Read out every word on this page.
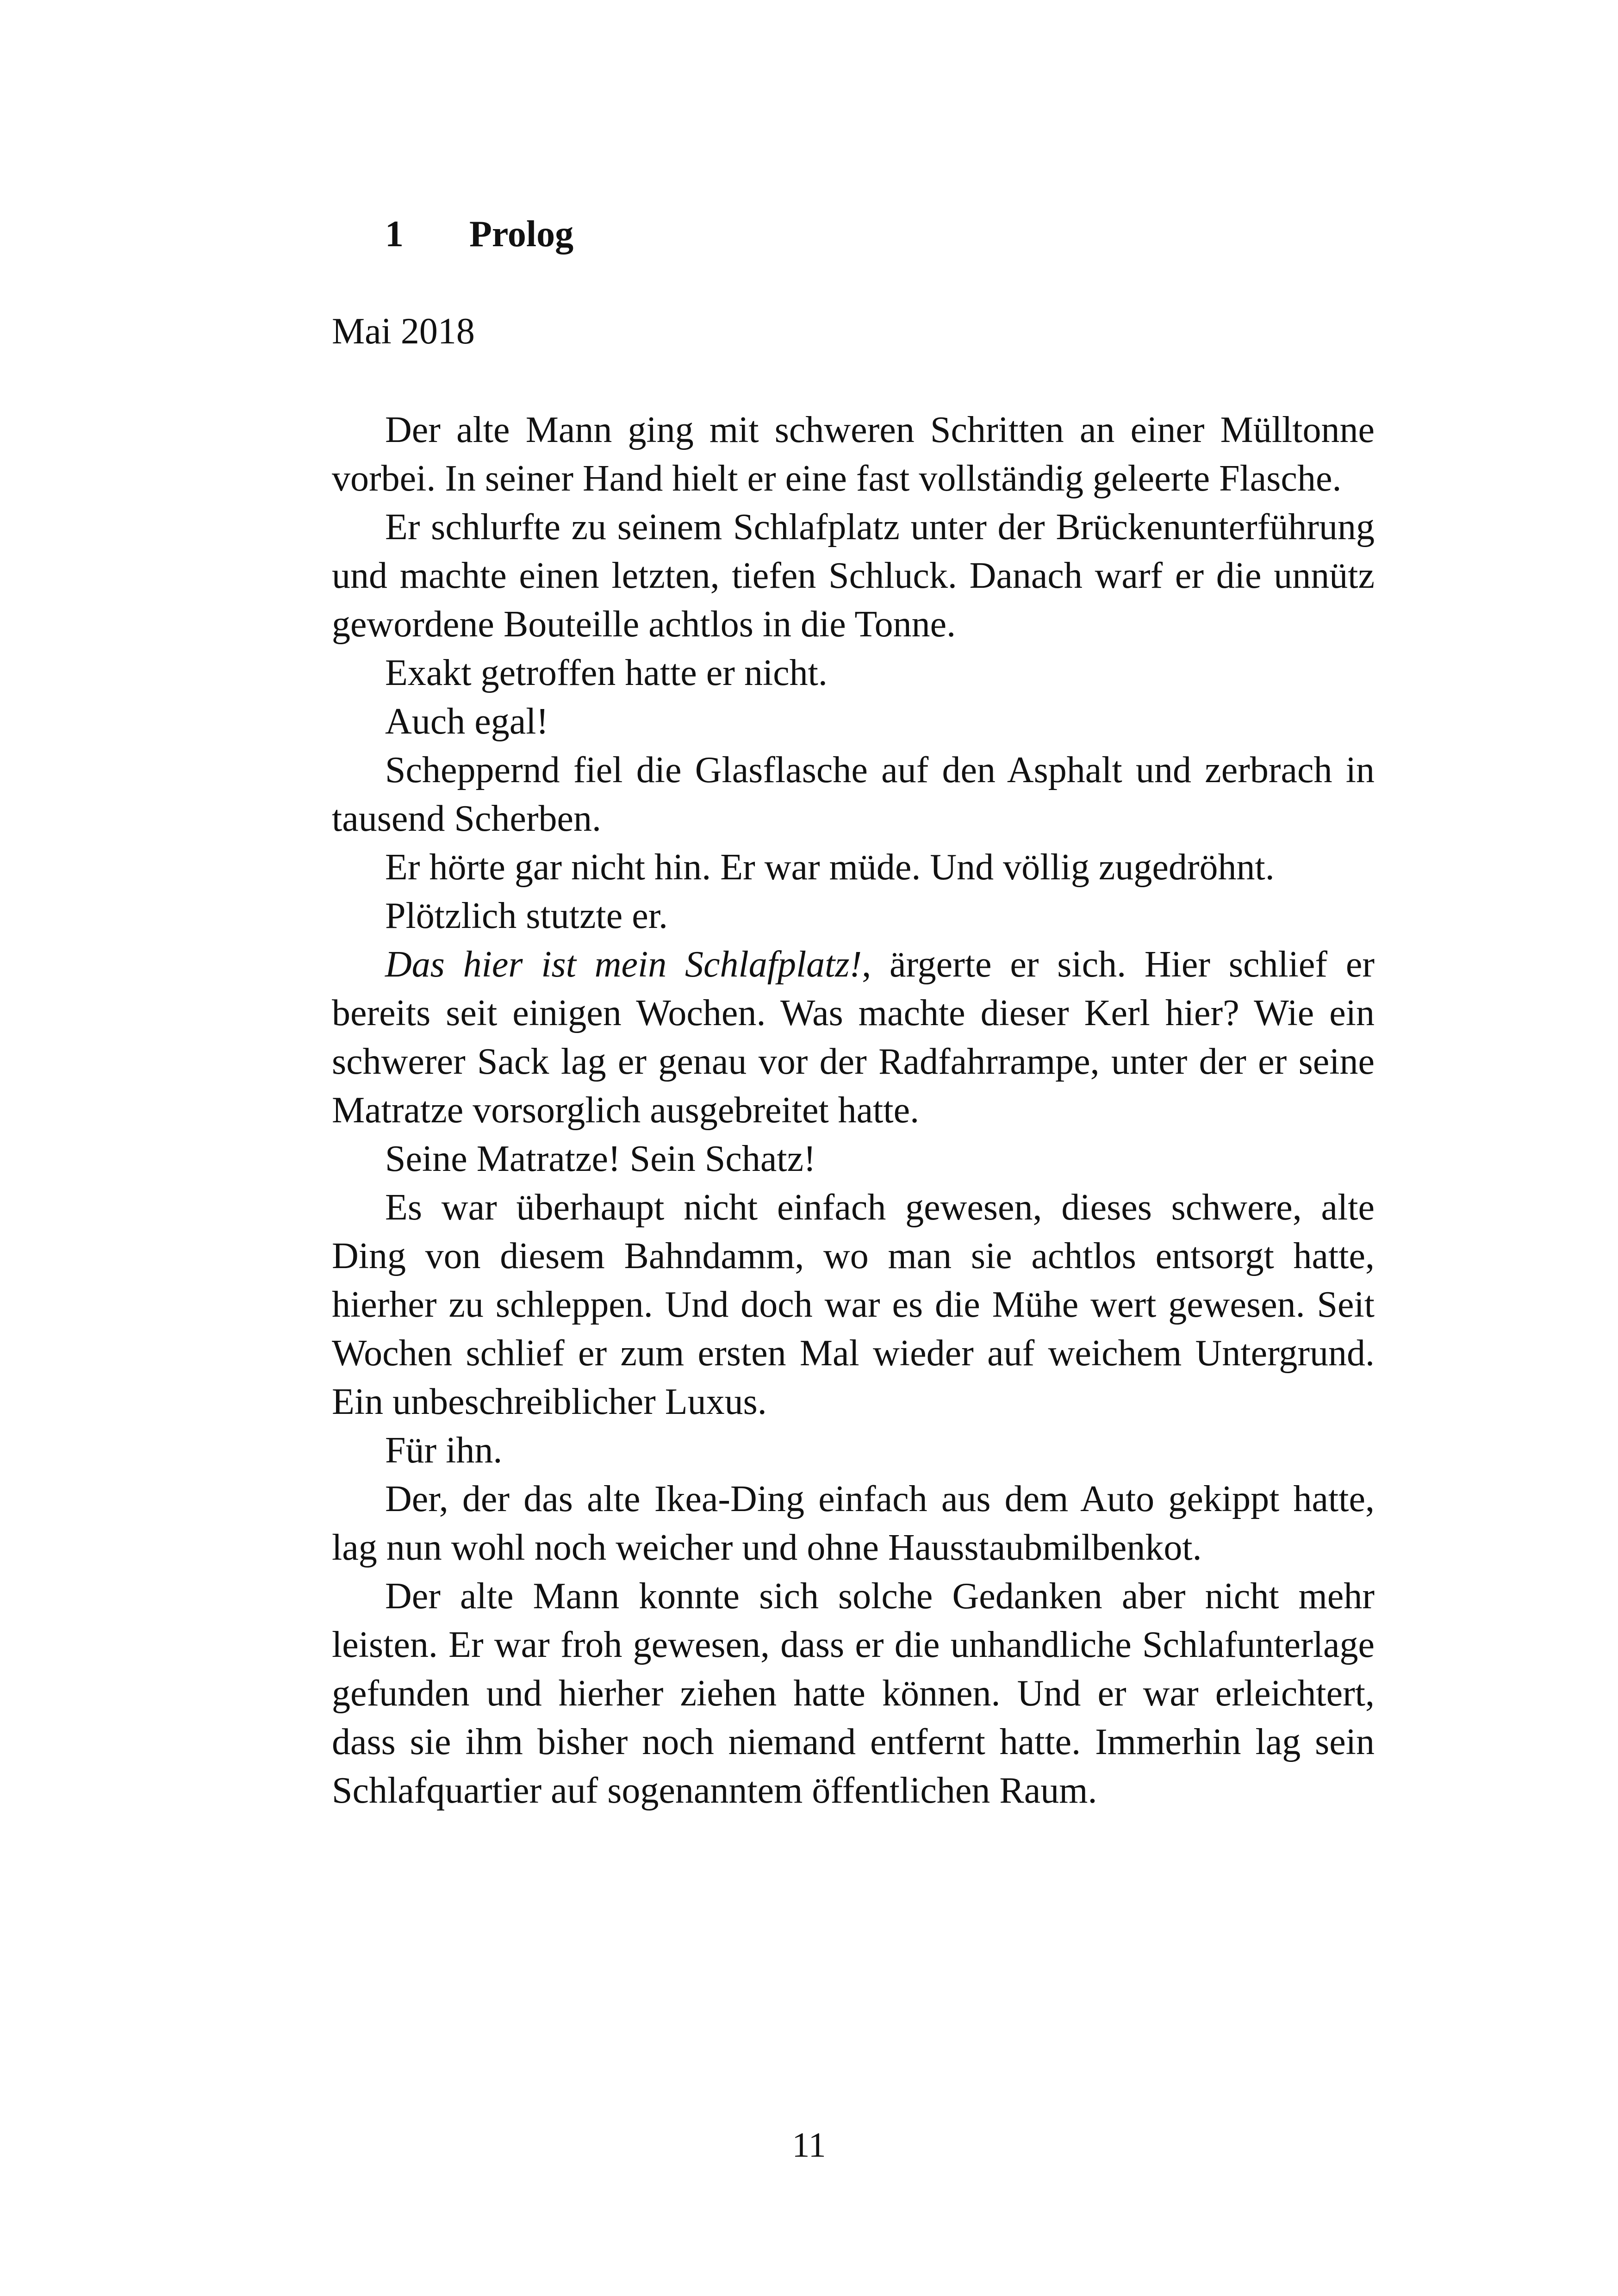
1 Prolog
Mai 2018

Der alte Mann ging mit schweren Schritten an einer Mülltonne vorbei. In seiner Hand hielt er eine fast vollständig geleerte Flasche.

Er schlurfte zu seinem Schlafplatz unter der Brückenunterführung und machte einen letzten, tiefen Schluck. Danach warf er die unnütz gewordene Bouteille achtlos in die Tonne.

Exakt getroffen hatte er nicht.

Auch egal!

Scheppernd fiel die Glasflasche auf den Asphalt und zerbrach in tausend Scherben.

Er hörte gar nicht hin. Er war müde. Und völlig zugedröhnt.

Plötzlich stutzte er.

Das hier ist mein Schlafplatz!, ärgerte er sich. Hier schlief er bereits seit einigen Wochen. Was machte dieser Kerl hier? Wie ein schwerer Sack lag er genau vor der Radfahrrampe, unter der er seine Matratze vorsorglich ausgebreitet hatte.

Seine Matratze! Sein Schatz!

Es war überhaupt nicht einfach gewesen, dieses schwere, alte Ding von diesem Bahndamm, wo man sie achtlos entsorgt hatte, hierher zu schleppen. Und doch war es die Mühe wert gewesen. Seit Wochen schlief er zum ersten Mal wieder auf weichem Untergrund. Ein unbeschreiblicher Luxus.

Für ihn.

Der, der das alte Ikea-Ding einfach aus dem Auto gekippt hatte, lag nun wohl noch weicher und ohne Hausstaubmilbenkot.

Der alte Mann konnte sich solche Gedanken aber nicht mehr leisten. Er war froh gewesen, dass er die unhandliche Schlafunterlage gefunden und hierher ziehen hatte können. Und er war erleichtert, dass sie ihm bisher noch niemand entfernt hatte. Immerhin lag sein Schlafquartier auf sogenanntem öffentlichen Raum.

11
